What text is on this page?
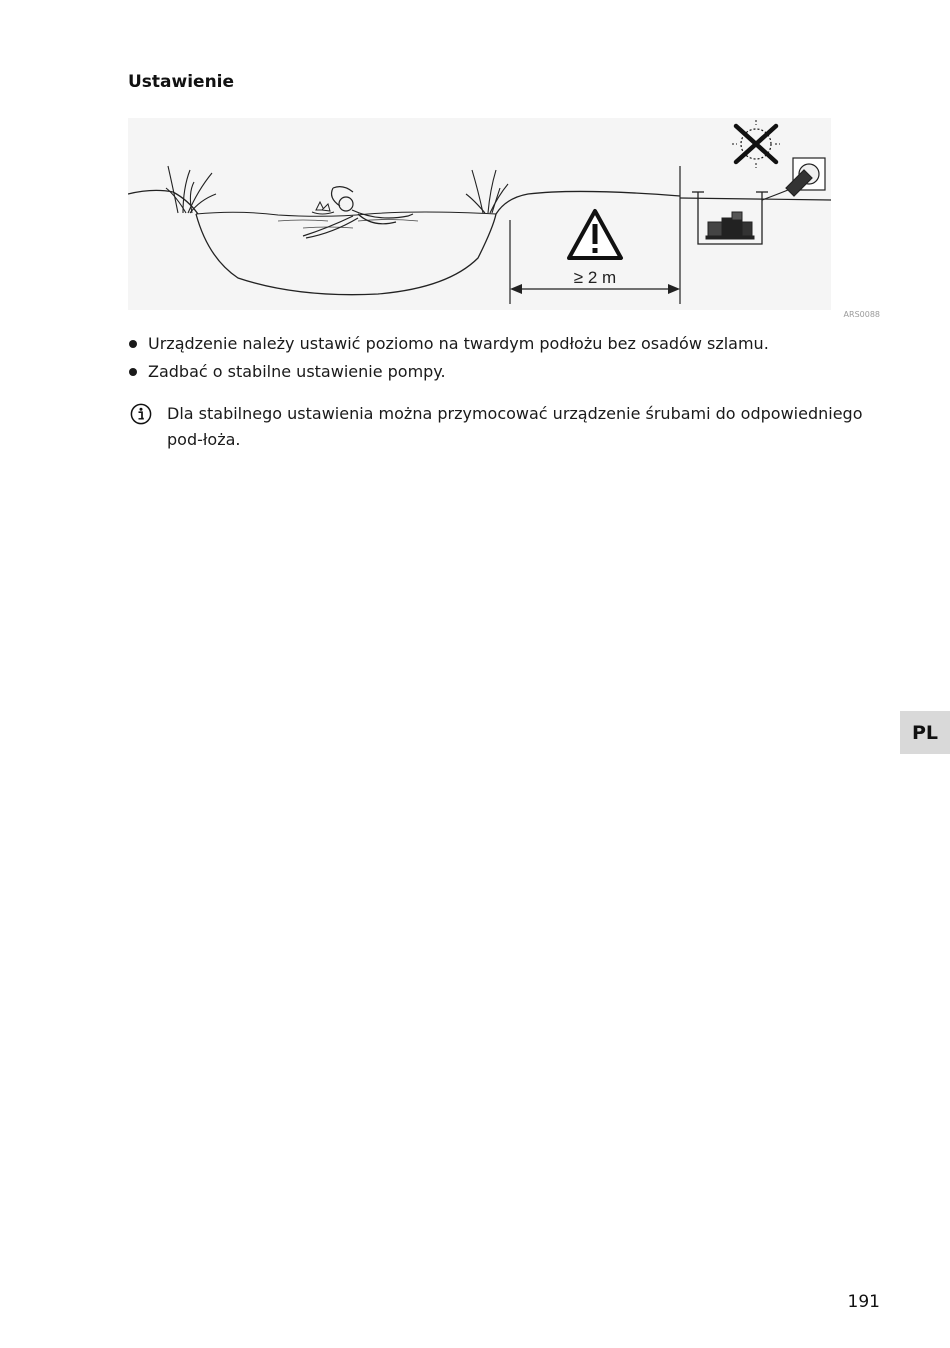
Ustawienie
≥ 2 m
ARS0088
Urządzenie należy ustawić poziomo na twardym podłożu bez osadów szlamu.
Zadbać o stabilne ustawienie pompy.

Dla stabilnego ustawienia można przymocować urządzenie śrubami do odpowiedniego pod-łoża.

PL
191
